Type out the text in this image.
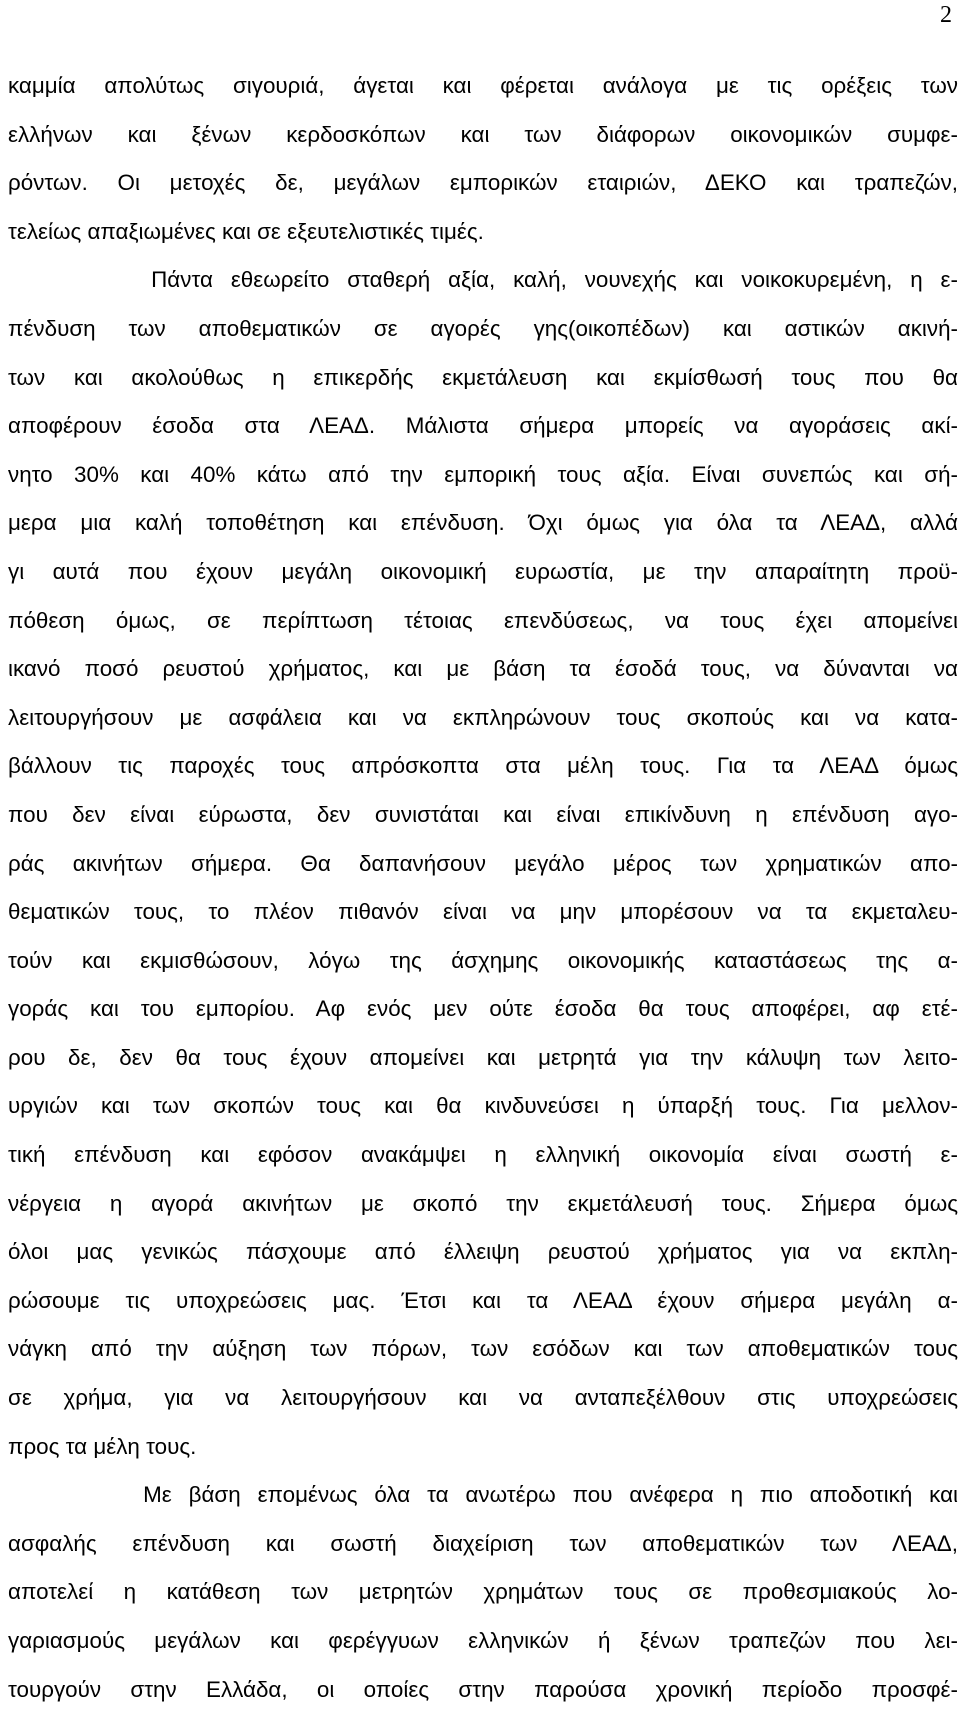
2
καμμία απολύτως σιγουριά, άγεται και φέρεται ανάλογα με τις ορέξεις των
ελλήνων και ξένων κερδοσκόπων και των διάφορων οικονομικών συμφε-
ρόντων. Οι μετοχές δε, μεγάλων εμπορικών εταιριών, ΔΕΚΟ και τραπεζών,
τελείως απαξιωμένες και σε εξευτελιστικές τιμές.
Πάντα εθεωρείτο σταθερή αξία, καλή, νουνεχής και νοικοκυρεμένη, η ε-
πένδυση των αποθεματικών σε αγορές γης(οικοπέδων) και αστικών ακινή-
των και ακολούθως η επικερδής εκμετάλευση και εκμίσθωσή τους που θα
αποφέρουν έσοδα στα ΛΕΑΔ. Μάλιστα σήμερα μπορείς να αγοράσεις ακί-
νητο 30% και 40% κάτω από την εμπορική τους αξία. Είναι συνεπώς και σή-
μερα μια καλή τοποθέτηση και επένδυση. Όχι όμως για όλα τα ΛΕΑΔ, αλλά
γι αυτά που έχουν μεγάλη οικονομική ευρωστία, με την απαραίτητη προϋ-
πόθεση όμως, σε περίπτωση τέτοιας επενδύσεως, να τους έχει απομείνει
ικανό ποσό ρευστού χρήματος, και με βάση τα έσοδά τους, να δύνανται να
λειτουργήσουν με ασφάλεια και να εκπληρώνουν τους σκοπούς και να κατα-
βάλλουν τις παροχές τους απρόσκοπτα στα μέλη τους. Για τα ΛΕΑΔ όμως
που δεν είναι εύρωστα, δεν συνιστάται και είναι επικίνδυνη η επένδυση αγο-
ράς ακινήτων σήμερα. Θα δαπανήσουν μεγάλο μέρος των χρηματικών απο-
θεματικών τους, το πλέον πιθανόν είναι να μην μπορέσουν να τα εκμεταλευ-
τούν και εκμισθώσουν, λόγω της άσχημης οικονομικής καταστάσεως της α-
γοράς και του εμπορίου. Αφ ενός μεν ούτε έσοδα θα τους αποφέρει, αφ ετέ-
ρου δε, δεν θα τους έχουν απομείνει και μετρητά για την κάλυψη των λειτο-
υργιών και των σκοπών τους και θα κινδυνεύσει η ύπαρξή τους. Για μελλον-
τική επένδυση και εφόσον ανακάμψει η ελληνική οικονομία είναι σωστή ε-
νέργεια η αγορά ακινήτων με σκοπό την εκμετάλευσή τους. Σήμερα όμως
όλοι μας γενικώς πάσχουμε από έλλειψη ρευστού χρήματος για να εκπλη-
ρώσουμε τις υποχρεώσεις μας. Έτσι και τα ΛΕΑΔ έχουν σήμερα μεγάλη α-
νάγκη από την αύξηση των πόρων, των εσόδων και των αποθεματικών τους
σε χρήμα, για να λειτουργήσουν και να ανταπεξέλθουν στις υποχρεώσεις
προς τα μέλη τους.
Με βάση επομένως όλα τα ανωτέρω που ανέφερα η πιο αποδοτική και
ασφαλής επένδυση και σωστή διαχείριση των αποθεματικών των ΛΕΑΔ,
αποτελεί η κατάθεση των μετρητών χρημάτων τους σε προθεσμιακούς λο-
γαριασμούς μεγάλων και φερέγγυων ελληνικών ή ξένων τραπεζών που λει-
τουργούν στην Ελλάδα, οι οποίες στην παρούσα χρονική περίοδο προσφέ-
